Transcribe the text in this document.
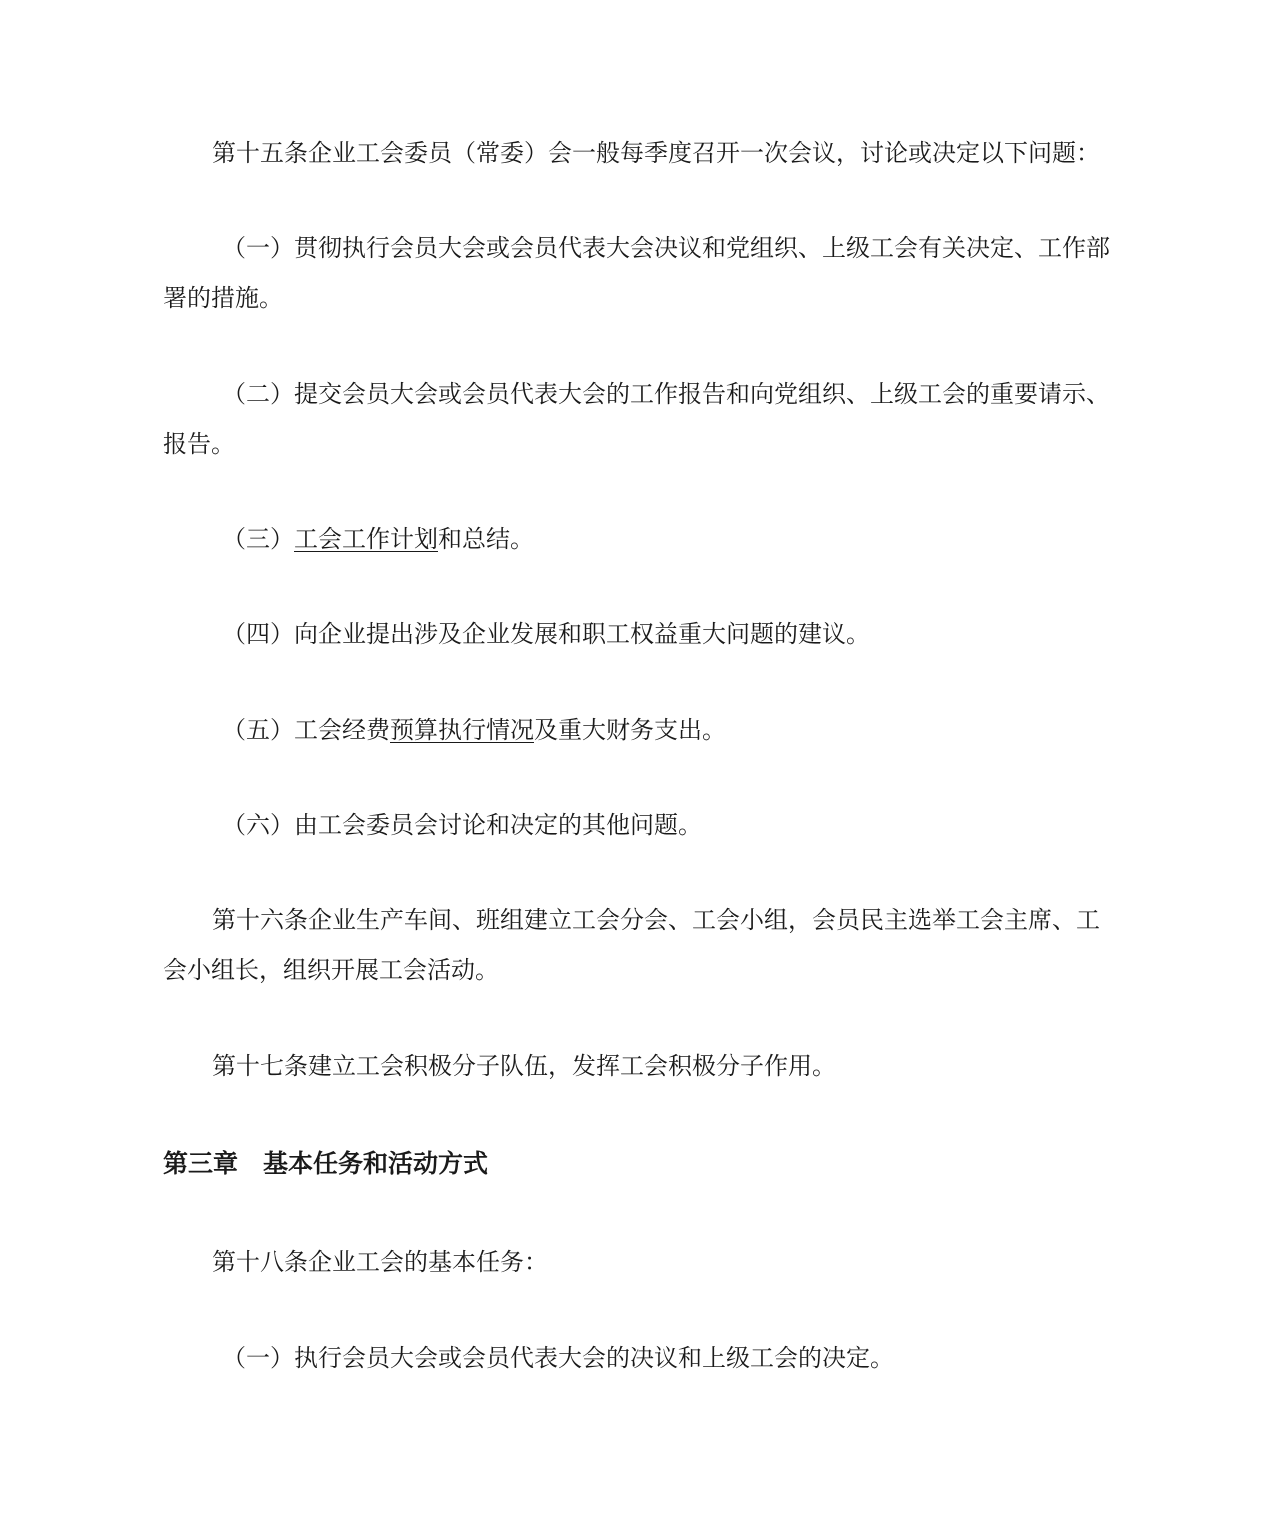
第十五条企业工会委员（常委）会一般每季度召开一次会议，讨论或决定以下问题：
（一）贯彻执行会员大会或会员代表大会决议和党组织、上级工会有关决定、工作部
署的措施。
（二）提交会员大会或会员代表大会的工作报告和向党组织、上级工会的重要请示、
报告。
（三）工会工作计划和总结。
（四）向企业提出涉及企业发展和职工权益重大问题的建议。
（五）工会经费预算执行情况及重大财务支出。
（六）由工会委员会讨论和决定的其他问题。
第十六条企业生产车间、班组建立工会分会、工会小组，会员民主选举工会主席、工
会小组长，组织开展工会活动。
第十七条建立工会积极分子队伍，发挥工会积极分子作用。
第三章　基本任务和活动方式
第十八条企业工会的基本任务：
（一）执行会员大会或会员代表大会的决议和上级工会的决定。
